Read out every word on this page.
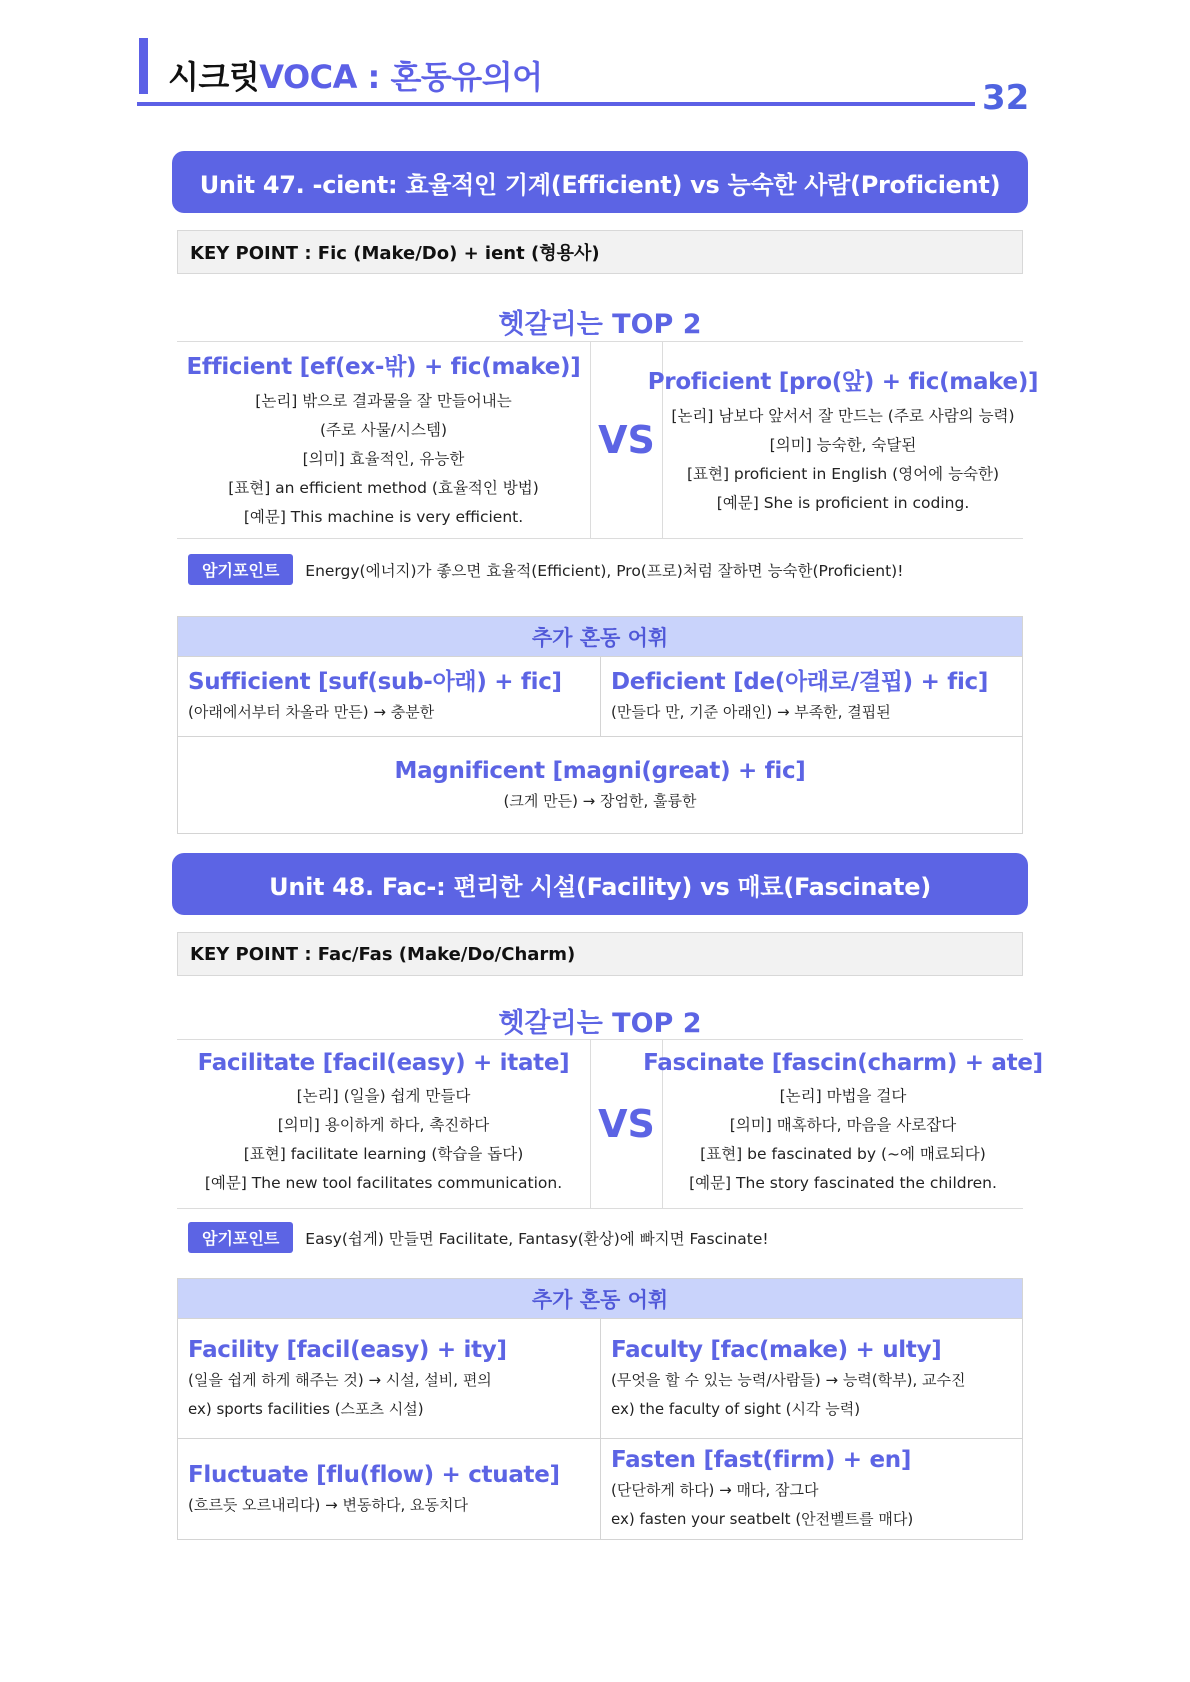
시크릿VOCA : 혼동유의어
32
Unit 47. -cient: 효율적인 기계(Efficient) vs 능숙한 사람(Proficient)
KEY POINT : Fic (Make/Do) + ient (형용사)
헷갈리는 TOP 2
Efficient [ef(ex-밖) + fic(make)]
[논리] 밖으로 결과물을 잘 만들어내는
(주로 사물/시스템)
[의미] 효율적인, 유능한
[표현] an efficient method (효율적인 방법)
[예문] This machine is very efficient.
VS
Proficient [pro(앞) + fic(make)]
[논리] 남보다 앞서서 잘 만드는 (주로 사람의 능력)
[의미] 능숙한, 숙달된
[표현] proficient in English (영어에 능숙한)
[예문] She is proficient in coding.
암기포인트	Energy(에너지)가 좋으면 효율적(Efficient), Pro(프로)처럼 잘하면 능숙한(Proficient)!
추가 혼동 어휘
Sufficient [suf(sub-아래) + fic]
(아래에서부터 차올라 만든) → 충분한
Deficient [de(아래로/결핍) + fic]
(만들다 만, 기준 아래인) → 부족한, 결핍된
Magnificent [magni(great) + fic]
(크게 만든) → 장엄한, 훌륭한
Unit 48. Fac-: 편리한 시설(Facility) vs 매료(Fascinate)
KEY POINT : Fac/Fas (Make/Do/Charm)
헷갈리는 TOP 2
Facilitate [facil(easy) + itate]
[논리] (일을) 쉽게 만들다
[의미] 용이하게 하다, 촉진하다
[표현] facilitate learning (학습을 돕다)
[예문] The new tool facilitates communication.
VS
Fascinate [fascin(charm) + ate]
[논리] 마법을 걸다
[의미] 매혹하다, 마음을 사로잡다
[표현] be fascinated by (~에 매료되다)
[예문] The story fascinated the children.
암기포인트	Easy(쉽게) 만들면 Facilitate, Fantasy(환상)에 빠지면 Fascinate!
추가 혼동 어휘
Facility [facil(easy) + ity]
(일을 쉽게 하게 해주는 것) → 시설, 설비, 편의
ex) sports facilities (스포츠 시설)
Faculty [fac(make) + ulty]
(무엇을 할 수 있는 능력/사람들) → 능력(학부), 교수진
ex) the faculty of sight (시각 능력)
Fluctuate [flu(flow) + ctuate]
(흐르듯 오르내리다) → 변동하다, 요동치다
Fasten [fast(firm) + en]
(단단하게 하다) → 매다, 잠그다
ex) fasten your seatbelt (안전벨트를 매다)
